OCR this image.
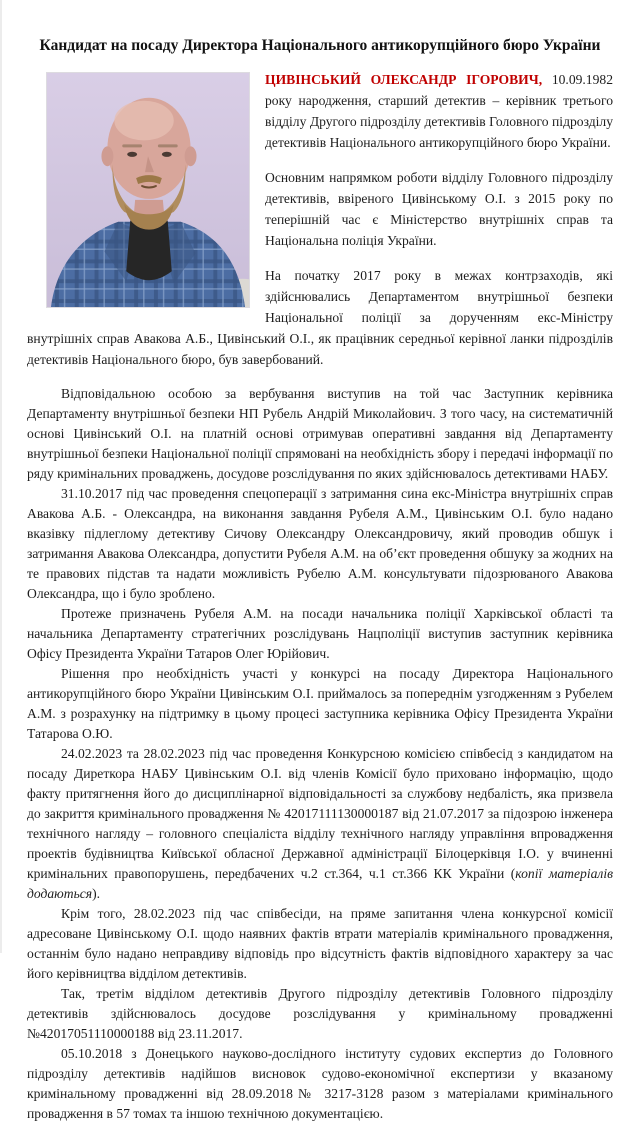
Кандидат на посаду Директора Національного антикорупційного бюро України

ЦИВІНСЬКИЙ ОЛЕКСАНДР ІГОРОВИЧ, 10.09.1982 року народження, старший детектив – керівник третього відділу Другого підрозділу детективів Головного підрозділу детективів Національного антикорупційного бюро України.

Основним напрямком роботи відділу Головного підрозділу детективів, ввіреного Цивінському О.І. з 2015 року по теперішній час є Міністерство внутрішніх справ та Національна поліція України.

На початку 2017 року в межах контрзаходів, які здійснювались Департаментом внутрішньої безпеки Національної поліції за дорученням екс-Міністру внутрішніх справ Авакова А.Б., Цивінський О.І., як працівник середньої керівної ланки підрозділів детективів Національного бюро, був завербований.

Відповідальною особою за вербування виступив на той час Заступник керівника Департаменту внутрішньої безпеки НП Рубель Андрій Миколайович. З того часу, на систематичній основі Цивінський О.І. на платній основі отримував оперативні завдання від Департаменту внутрішньої безпеки Національної поліції спрямовані на необхідність збору і передачі інформації по ряду кримінальних проваджень, досудове розслідування по яких здійснювалось детективами НАБУ.

31.10.2017 під час проведення спецоперації з затримання сина екс-Міністра внутрішніх справ Авакова А.Б. - Олександра, на виконання завдання Рубеля А.М., Цивінським О.І. було надано вказівку підлеглому детективу Сичову Олександру Олександровичу, який проводив обшук і затримання Авакова Олександра, допустити Рубеля А.М. на об’єкт проведення обшуку за жодних на те правових підстав та надати можливість Рубелю А.М. консультувати підозрюваного Авакова Олександра, що і було зроблено.

Протеже призначень Рубеля А.М. на посади начальника поліції Харківської області та начальника Департаменту стратегічних розслідувань Нацполіції виступив заступник керівника Офісу Президента України Татаров Олег Юрійович.

Рішення про необхідність участі у конкурсі на посаду Директора Національного антикорупційного бюро України Цивінським О.І. приймалось за попереднім узгодженням з Рубелем А.М. з розрахунку на підтримку в цьому процесі заступника керівника Офісу Президента України Татарова О.Ю.

24.02.2023 та 28.02.2023 під час проведення Конкурсною комісією співбесід з кандидатом на посаду Диреткора НАБУ Цивінським О.І. від членів Комісії було приховано інформацію, щодо факту притягнення його до дисциплінарної відповідальності за службову недбалість, яка призвела до закриття кримінального провадження № 42017111130000187 від 21.07.2017 за підозрою інженера технічного нагляду – головного спеціаліста відділу технічного нагляду управління впровадження проектів будівництва Київської обласної Державної адміністрації Білоцерківця І.О. у вчиненні кримінальних правопорушень, передбачених ч.2 ст.364, ч.1 ст.366 КК України (копії матеріалів додаються).

Крім того, 28.02.2023 під час співбесіди, на пряме запитання члена конкурсної комісії адресоване Цивінському О.І. щодо наявних фактів втрати матеріалів кримінального провадження, останнім було надано неправдиву відповідь про відсутність фактів відповідного характеру за час його керівництва відділом детективів.

Так, третім відділом детективів Другого підрозділу детективів Головного підрозділу детективів здійснювалось досудове розслідування у кримінальному провадженні №42017051110000188 від 23.11.2017.

05.10.2018 з Донецького науково-дослідного інституту судових експертиз до Головного підрозділу детективів надійшов висновок судово-економічної експертизи у вказаному кримінальному провадженні від 28.09.2018№ 3217-3128 разом з матеріалами кримінального провадження в 57 томах та іншою технічною документацією.
